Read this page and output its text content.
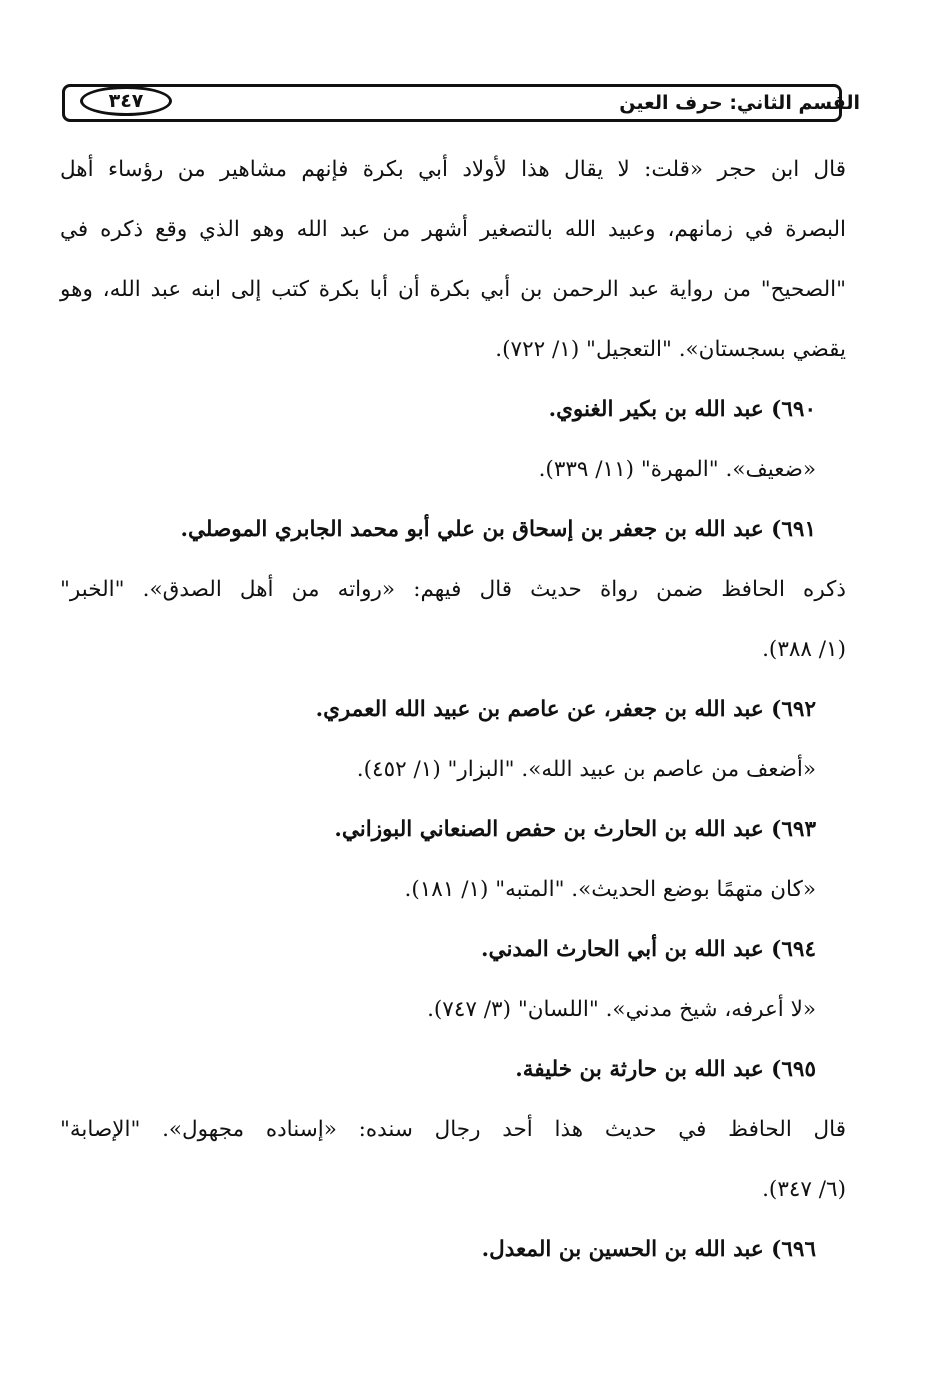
القسم الثاني: حرف العين
٣٤٧
قال ابن حجر «قلت: لا يقال هذا لأولاد أبي بكرة فإنهم مشاهير من رؤساء أهل
البصرة في زمانهم، وعبيد الله بالتصغير أشهر من عبد الله وهو الذي وقع ذكره في
"الصحيح" من رواية عبد الرحمن بن أبي بكرة أن أبا بكرة كتب إلى ابنه عبد الله، وهو
يقضي بسجستان». "التعجيل" (١/ ٧٢٢).
٦٩٠) عبد الله بن بكير الغنوي.
«ضعيف». "المهرة" (١١/ ٣٣٩).
٦٩١) عبد الله بن جعفر بن إسحاق بن علي أبو محمد الجابري الموصلي.
ذكره الحافظ ضمن رواة حديث قال فيهم: «رواته من أهل الصدق». "الخبر"
(١/ ٣٨٨).
٦٩٢) عبد الله بن جعفر، عن عاصم بن عبيد الله العمري.
«أضعف من عاصم بن عبيد الله». "البزار" (١/ ٤٥٢).
٦٩٣) عبد الله بن الحارث بن حفص الصنعاني البوزاني.
«كان متهمًا بوضع الحديث». "المتبه" (١/ ١٨١).
٦٩٤) عبد الله بن أبي الحارث المدني.
«لا أعرفه، شيخ مدني». "اللسان" (٣/ ٧٤٧).
٦٩٥) عبد الله بن حارثة بن خليفة.
قال الحافظ في حديث هذا أحد رجال سنده: «إسناده مجهول». "الإصابة"
(٦/ ٣٤٧).
٦٩٦) عبد الله بن الحسين بن المعدل.
